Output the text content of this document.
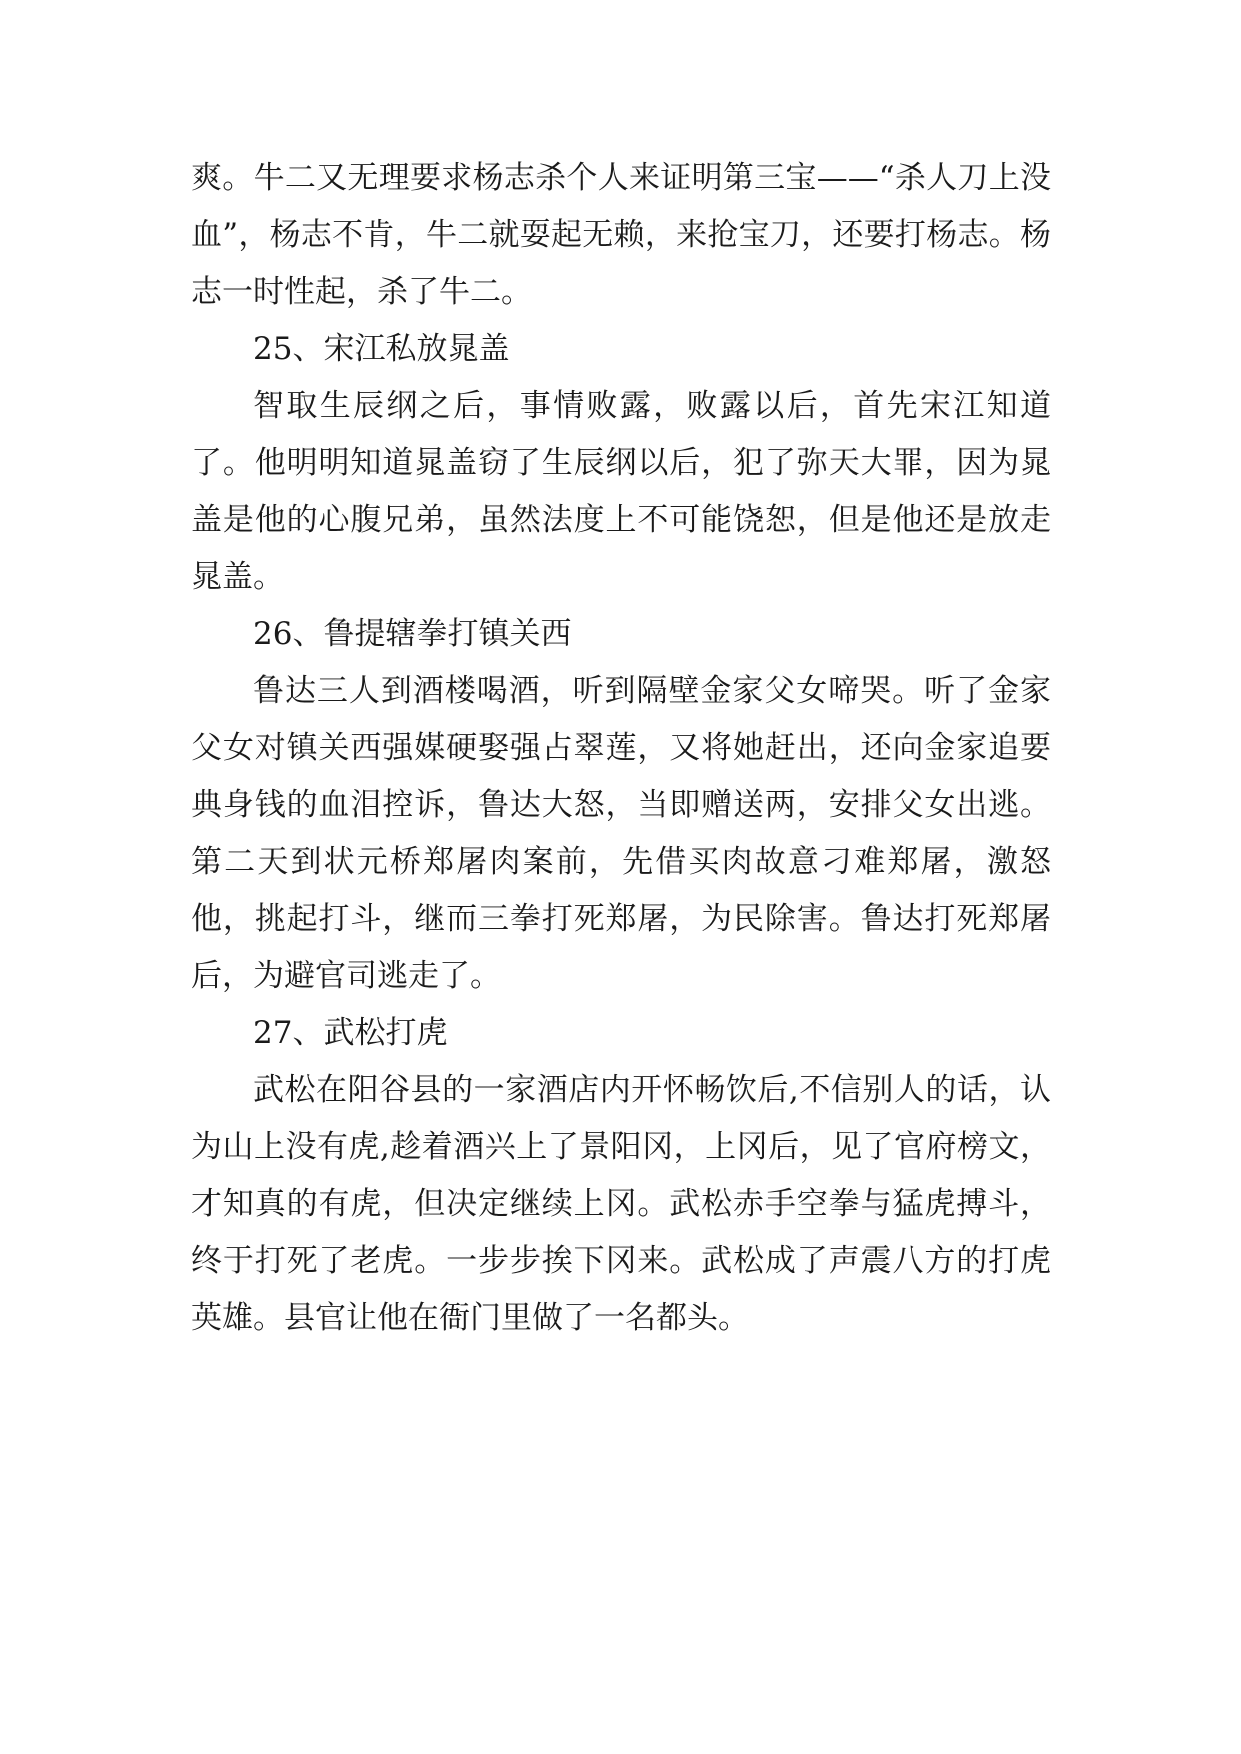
爽。牛二又无理要求杨志杀个人来证明第三宝——“杀人刀上没血”，杨志不肯，牛二就耍起无赖，来抢宝刀，还要打杨志。杨志一时性起，杀了牛二。

25、宋江私放晁盖

智取生辰纲之后，事情败露，败露以后，首先宋江知道了。他明明知道晁盖窃了生辰纲以后，犯了弥天大罪，因为晁盖是他的心腹兄弟，虽然法度上不可能饶恕，但是他还是放走晁盖。

26、鲁提辖拳打镇关西

鲁达三人到酒楼喝酒，听到隔壁金家父女啼哭。听了金家父女对镇关西强媒硬娶强占翠莲，又将她赶出，还向金家追要典身钱的血泪控诉，鲁达大怒，当即赠送两，安排父女出逃。第二天到状元桥郑屠肉案前，先借买肉故意刁难郑屠，激怒他，挑起打斗，继而三拳打死郑屠，为民除害。鲁达打死郑屠后，为避官司逃走了。

27、武松打虎

武松在阳谷县的一家酒店内开怀畅饮后,不信别人的话，认为山上没有虎,趁着酒兴上了景阳冈，上冈后，见了官府榜文，才知真的有虎，但决定继续上冈。武松赤手空拳与猛虎搏斗，终于打死了老虎。一步步挨下冈来。武松成了声震八方的打虎英雄。县官让他在衙门里做了一名都头。
